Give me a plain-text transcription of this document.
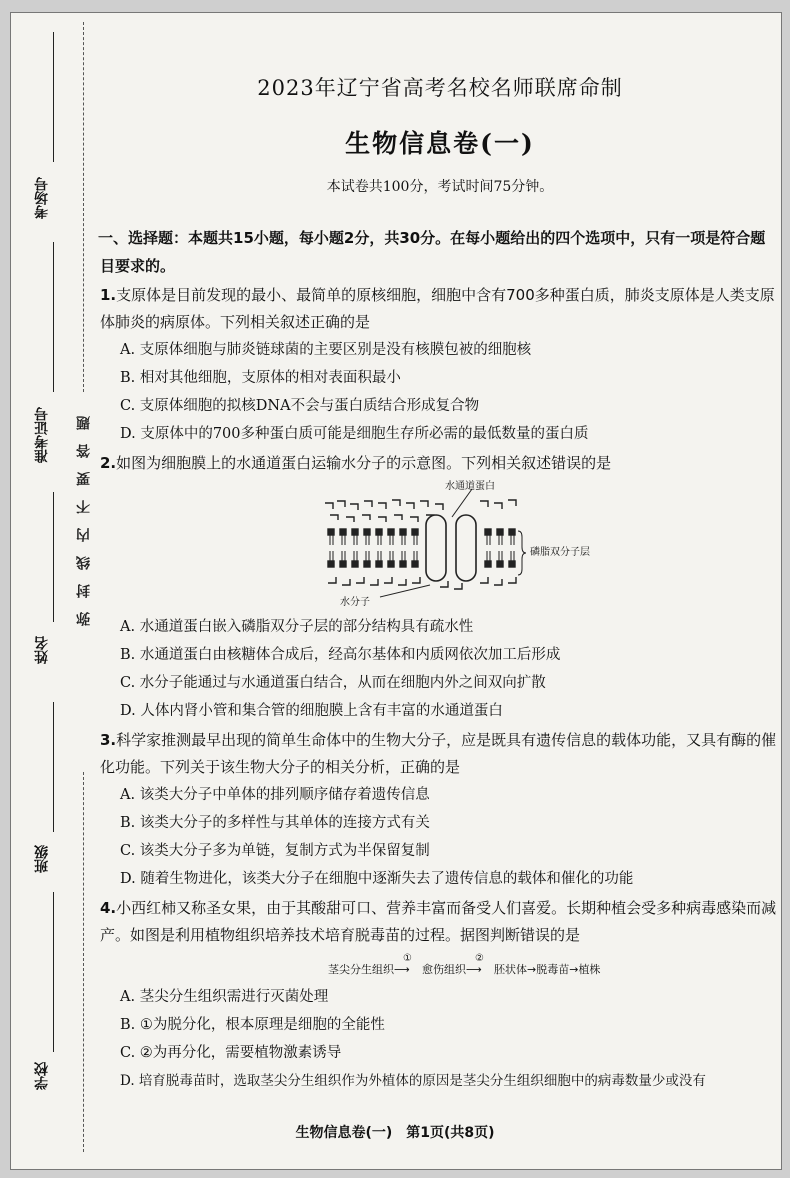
考场号
准考证号
姓名
班级
学校
弥封线内不要答题
2023年辽宁省高考名校名师联席命制
生物信息卷(一)
本试卷共100分，考试时间75分钟。
一、选择题：本题共15小题，每小题2分，共30分。在每小题给出的四个选项中，只有一项是符合题目要求的。
1.支原体是目前发现的最小、最简单的原核细胞，细胞中含有700多种蛋白质，肺炎支原体是人类支原体肺炎的病原体。下列相关叙述正确的是
A. 支原体细胞与肺炎链球菌的主要区别是没有核膜包被的细胞核
B. 相对其他细胞，支原体的相对表面积最小
C. 支原体细胞的拟核DNA不会与蛋白质结合形成复合物
D. 支原体中的700多种蛋白质可能是细胞生存所必需的最低数量的蛋白质
2.如图为细胞膜上的水通道蛋白运输水分子的示意图。下列相关叙述错误的是
水通道蛋白
磷脂双分子层
水分子
A. 水通道蛋白嵌入磷脂双分子层的部分结构具有疏水性
B. 水通道蛋白由核糖体合成后，经高尔基体和内质网依次加工后形成
C. 水分子能通过与水通道蛋白结合，从而在细胞内外之间双向扩散
D. 人体内肾小管和集合管的细胞膜上含有丰富的水通道蛋白
3.科学家推测最早出现的简单生命体中的生物大分子，应是既具有遗传信息的载体功能，又具有酶的催化功能。下列关于该生物大分子的相关分析，正确的是
A. 该类大分子中单体的排列顺序储存着遗传信息
B. 该类大分子的多样性与其单体的连接方式有关
C. 该类大分子多为单链，复制方式为半保留复制
D. 随着生物进化，该类大分子在细胞中逐渐失去了遗传信息的载体和催化的功能
4.小西红柿又称圣女果，由于其酸甜可口、营养丰富而备受人们喜爱。长期种植会受多种病毒感染而减产。如图是利用植物组织培养技术培育脱毒苗的过程。据图判断错误的是
茎尖分生组织
①
⟶ 愈伤组织
②
⟶ 胚状体→脱毒苗→植株
A. 茎尖分生组织需进行灭菌处理
B. ①为脱分化，根本原理是细胞的全能性
C. ②为再分化，需要植物激素诱导
D. 培育脱毒苗时，选取茎尖分生组织作为外植体的原因是茎尖分生组织细胞中的病毒数量少或没有
生物信息卷(一)　第1页(共8页)
